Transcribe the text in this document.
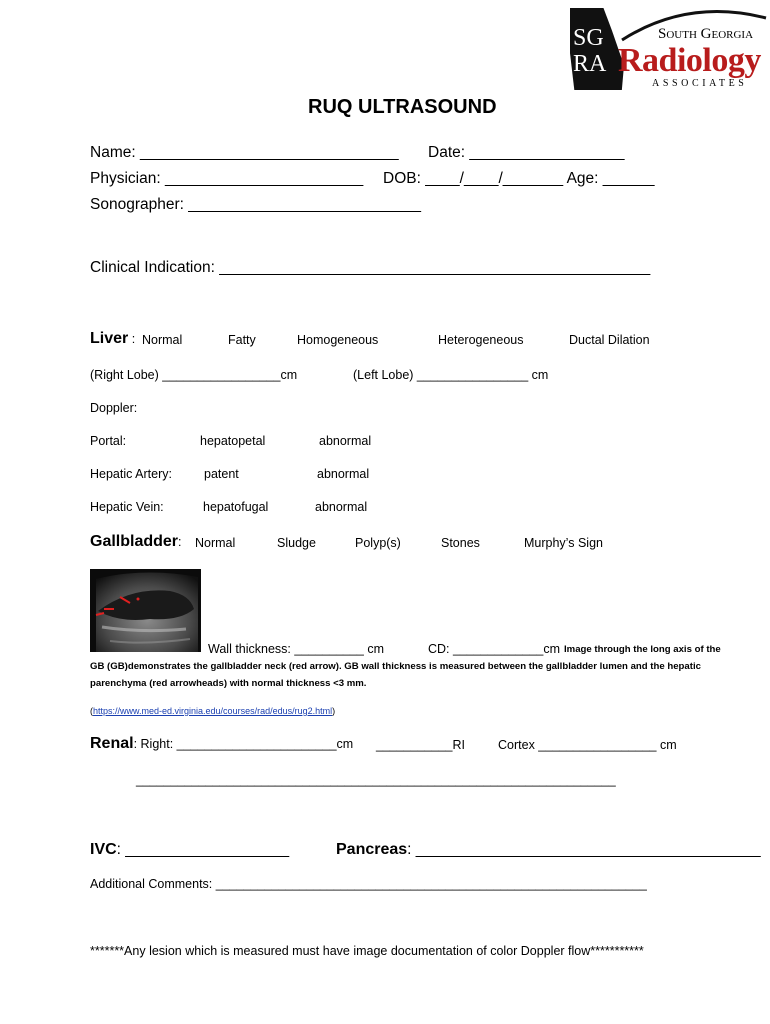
SG
RA
South Georgia
Radiology
ASSOCIATES
RUQ ULTRASOUND
Name: ______________________________ Date: __________________
Physician: _______________________ DOB: ____/____/_______ Age: ______
Sonographer: ___________________________
Clinical Indication: __________________________________________________
Liver : Normal	Fatty	Homogeneous	Heterogeneous	Ductal Dilation
(Right Lobe) _________________cm	(Left Lobe) ________________ cm
Doppler:
Portal:	hepatopetal	abnormal
Hepatic Artery:	patent	abnormal
Hepatic Vein:	hepatofugal	abnormal
Gallbladder: Normal	Sludge	Polyp(s)	Stones	Murphy’s Sign
Wall thickness: __________ cm	CD: _____________cm Image through the long axis of the
GB (GB)demonstrates the gallbladder neck (red arrow). GB wall thickness is measured between the gallbladder lumen and the hepatic
parenchyma (red arrowheads) with normal thickness <3 mm.
(https://www.med-ed.virginia.edu/courses/rad/edus/rug2.html)
Renal: Right: _______________________cm ___________RI	Cortex _________________ cm
_____________________________________________________________________
IVC: ___________________	Pancreas: ________________________________________
Additional Comments: ______________________________________________________________
*******Any lesion which is measured must have image documentation of color Doppler flow***********
